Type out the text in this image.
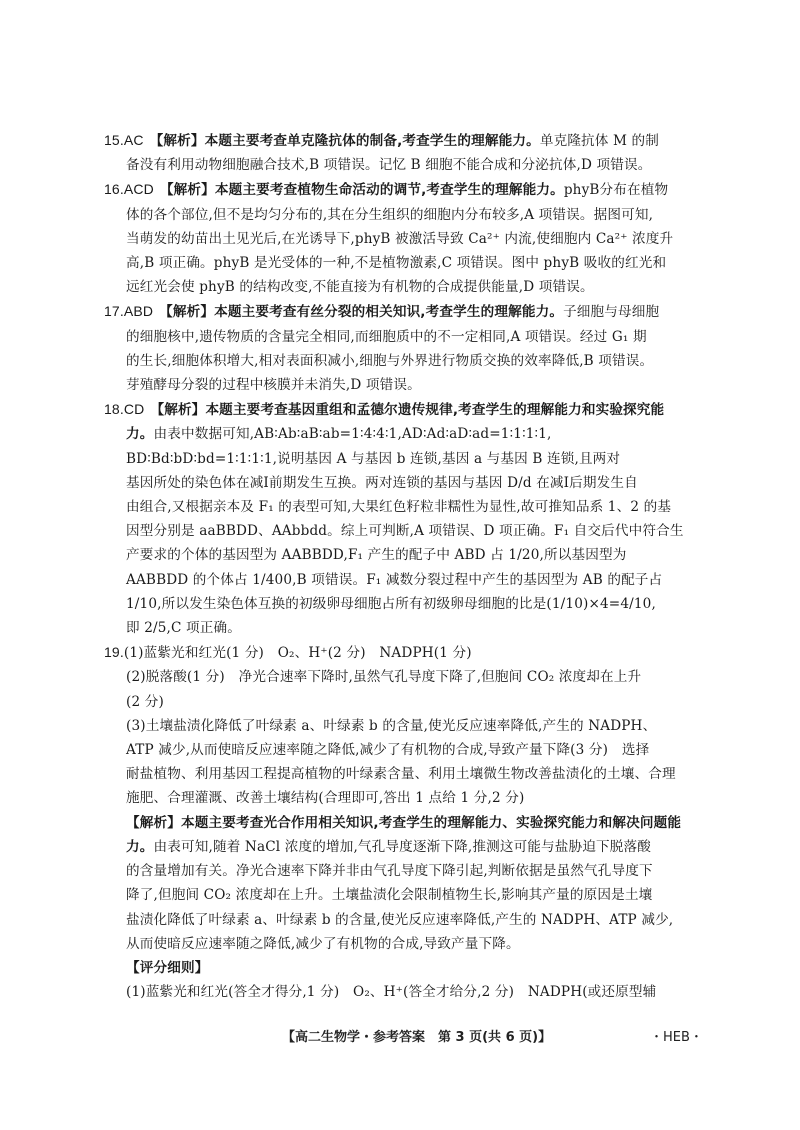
15.AC 【解析】本题主要考查单克隆抗体的制备,考查学生的理解能力。单克隆抗体 M 的制
备没有利用动物细胞融合技术,B 项错误。记忆 B 细胞不能合成和分泌抗体,D 项错误。
16.ACD 【解析】本题主要考查植物生命活动的调节,考查学生的理解能力。phyB分布在植物
体的各个部位,但不是均匀分布的,其在分生组织的细胞内分布较多,A 项错误。据图可知,
当萌发的幼苗出土见光后,在光诱导下,phyB 被激活导致 Ca²⁺ 内流,使细胞内 Ca²⁺ 浓度升
高,B 项正确。phyB 是光受体的一种,不是植物激素,C 项错误。图中 phyB 吸收的红光和
远红光会使 phyB 的结构改变,不能直接为有机物的合成提供能量,D 项错误。
17.ABD 【解析】本题主要考查有丝分裂的相关知识,考查学生的理解能力。子细胞与母细胞
的细胞核中,遗传物质的含量完全相同,而细胞质中的不一定相同,A 项错误。经过 G₁ 期
的生长,细胞体积增大,相对表面积减小,细胞与外界进行物质交换的效率降低,B 项错误。
芽殖酵母分裂的过程中核膜并未消失,D 项错误。
18.CD 【解析】本题主要考查基因重组和孟德尔遗传规律,考查学生的理解能力和实验探究能
力。由表中数据可知,AB∶Ab∶aB∶ab=1∶4∶4∶1,AD∶Ad∶aD∶ad=1∶1∶1∶1,
BD∶Bd∶bD∶bd=1∶1∶1∶1,说明基因 A 与基因 b 连锁,基因 a 与基因 B 连锁,且两对
基因所处的染色体在减Ⅰ前期发生互换。两对连锁的基因与基因 D/d 在减Ⅰ后期发生自
由组合,又根据亲本及 F₁ 的表型可知,大果红色籽粒非糯性为显性,故可推知品系 1、2 的基
因型分别是 aaBBDD、AAbbdd。综上可判断,A 项错误、D 项正确。F₁ 自交后代中符合生
产要求的个体的基因型为 AABBDD,F₁ 产生的配子中 ABD 占 1/20,所以基因型为
AABBDD 的个体占 1/400,B 项错误。F₁ 减数分裂过程中产生的基因型为 AB 的配子占
1/10,所以发生染色体互换的初级卵母细胞占所有初级卵母细胞的比是(1/10)×4=4/10,
即 2/5,C 项正确。
19.(1)蓝紫光和红光(1 分)　O₂、H⁺(2 分)　NADPH(1 分)
(2)脱落酸(1 分)　净光合速率下降时,虽然气孔导度下降了,但胞间 CO₂ 浓度却在上升
(2 分)
(3)土壤盐渍化降低了叶绿素 a、叶绿素 b 的含量,使光反应速率降低,产生的 NADPH、
ATP 减少,从而使暗反应速率随之降低,减少了有机物的合成,导致产量下降(3 分)　选择
耐盐植物、利用基因工程提高植物的叶绿素含量、利用土壤微生物改善盐渍化的土壤、合理
施肥、合理灌溉、改善土壤结构(合理即可,答出 1 点给 1 分,2 分)
【解析】本题主要考查光合作用相关知识,考查学生的理解能力、实验探究能力和解决问题能
力。由表可知,随着 NaCl 浓度的增加,气孔导度逐渐下降,推测这可能与盐胁迫下脱落酸
的含量增加有关。净光合速率下降并非由气孔导度下降引起,判断依据是虽然气孔导度下
降了,但胞间 CO₂ 浓度却在上升。土壤盐渍化会限制植物生长,影响其产量的原因是土壤
盐渍化降低了叶绿素 a、叶绿素 b 的含量,使光反应速率降低,产生的 NADPH、ATP 减少,
从而使暗反应速率随之降低,减少了有机物的合成,导致产量下降。
【评分细则】
(1)蓝紫光和红光(答全才得分,1 分)　O₂、H⁺(答全才给分,2 分)　NADPH(或还原型辅
【高二生物学・参考答案　第 3 页(共 6 页)】	・HEB・
